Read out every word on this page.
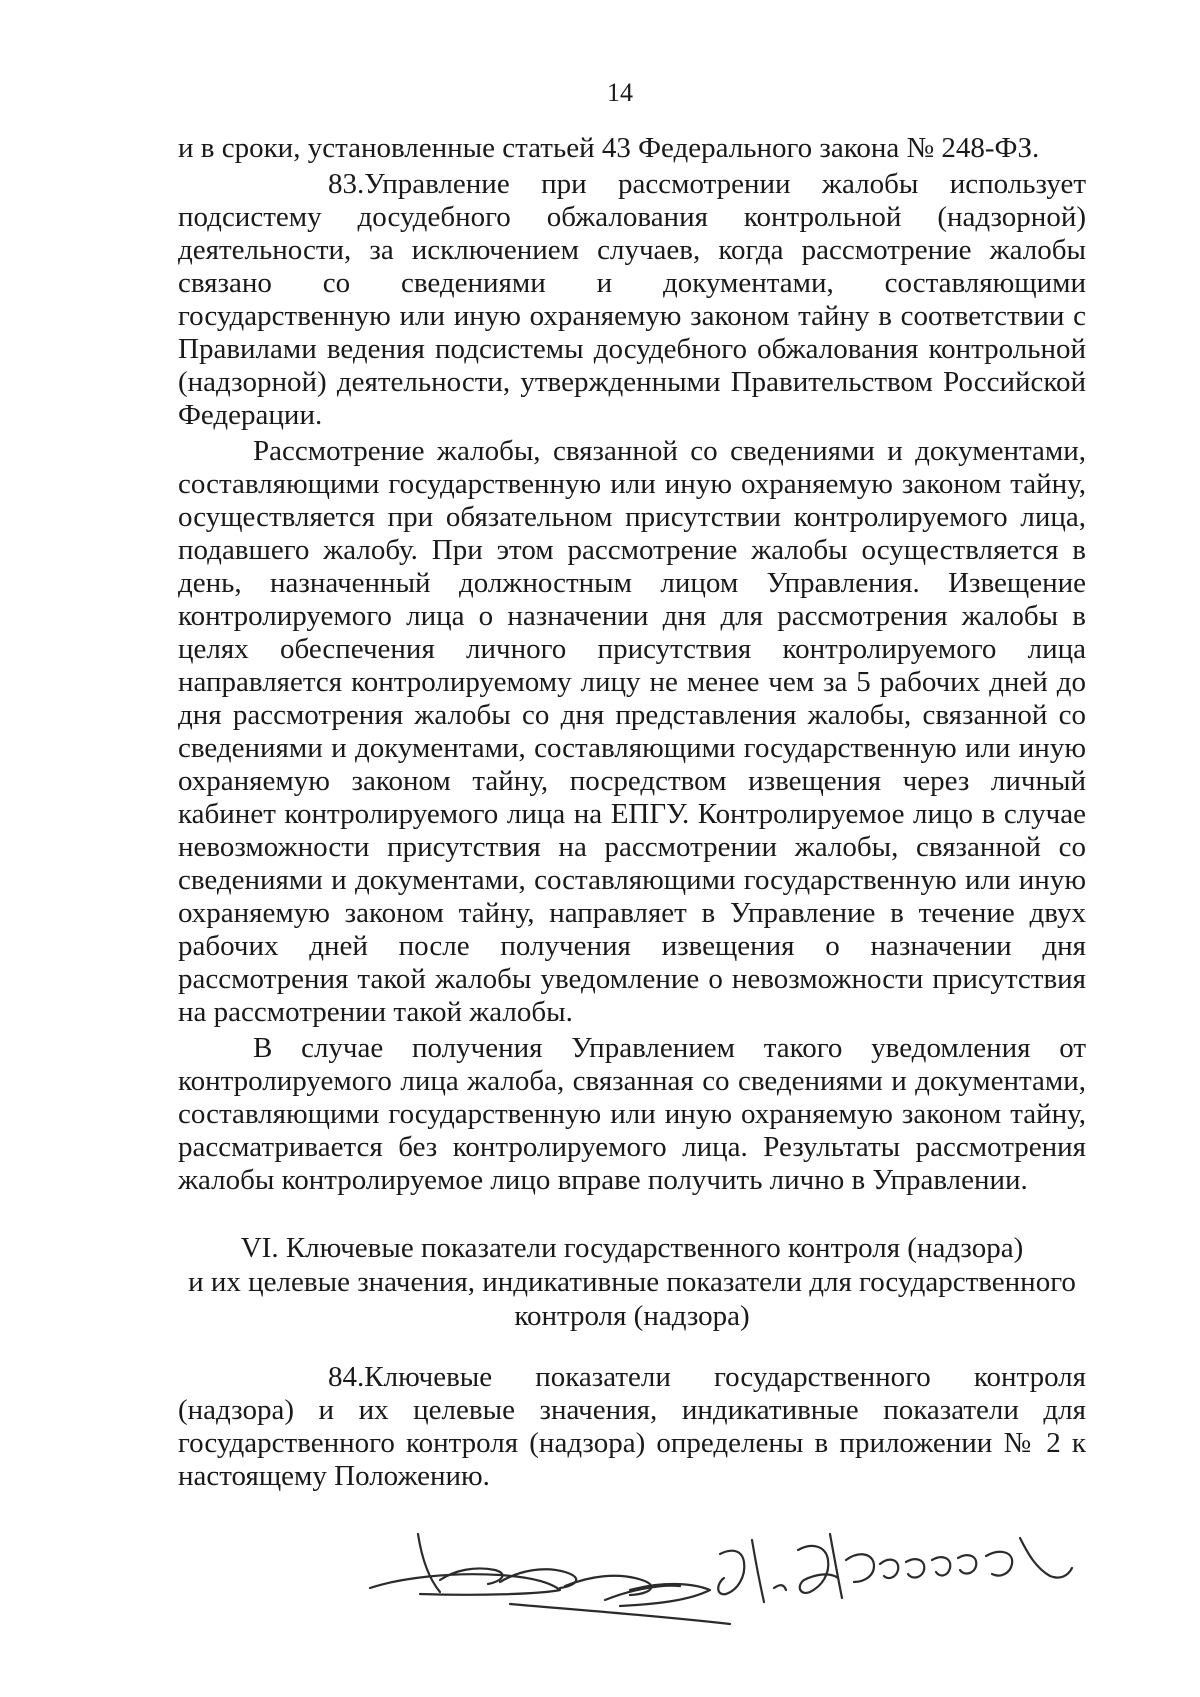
14

и в сроки, установленные статьей 43 Федерального закона № 248-ФЗ.

83.Управление при рассмотрении жалобы использует подсистему досудебного обжалования контрольной (надзорной) деятельности, за исключением случаев, когда рассмотрение жалобы связано со сведениями и документами, составляющими государственную или иную охраняемую законом тайну в соответствии с Правилами ведения подсистемы досудебного обжалования контрольной (надзорной) деятельности, утвержденными Правительством Российской Федерации.

Рассмотрение жалобы, связанной со сведениями и документами, составляющими государственную или иную охраняемую законом тайну, осуществляется при обязательном присутствии контролируемого лица, подавшего жалобу. При этом рассмотрение жалобы осуществляется в день, назначенный должностным лицом Управления. Извещение контролируемого лица о назначении дня для рассмотрения жалобы в целях обеспечения личного присутствия контролируемого лица направляется контролируемому лицу не менее чем за 5 рабочих дней до дня рассмотрения жалобы со дня представления жалобы, связанной со сведениями и документами, составляющими государственную или иную охраняемую законом тайну, посредством извещения через личный кабинет контролируемого лица на ЕПГУ. Контролируемое лицо в случае невозможности присутствия на рассмотрении жалобы, связанной со сведениями и документами, составляющими государственную или иную охраняемую законом тайну, направляет в Управление в течение двух рабочих дней после получения извещения о назначении дня рассмотрения такой жалобы уведомление о невозможности присутствия на рассмотрении такой жалобы.

В случае получения Управлением такого уведомления от контролируемого лица жалоба, связанная со сведениями и документами, составляющими государственную или иную охраняемую законом тайну, рассматривается без контролируемого лица. Результаты рассмотрения жалобы контролируемое лицо вправе получить лично в Управлении.

VI. Ключевые показатели государственного контроля (надзора)
и их целевые значения, индикативные показатели для государственного
контроля (надзора)

84.Ключевые показатели государственного контроля (надзора) и их целевые значения, индикативные показатели для государственного контроля (надзора) определены в приложении № 2 к настоящему Положению.
